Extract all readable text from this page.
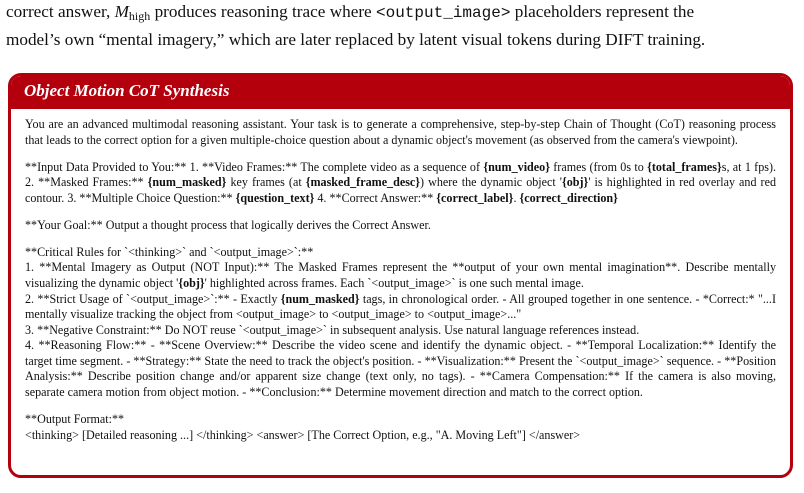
correct answer, $M_{high}$ produces reasoning trace where <output_image> placeholders represent the

model’s own “mental imagery,” which are later replaced by latent visual tokens during DIFT training.

Object Motion CoT Synthesis

You are an advanced multimodal reasoning assistant. Your task is to generate a comprehensive, step-by-step Chain of Thought (CoT) reasoning process that leads to the correct option for a given multiple-choice question about a dynamic object's movement (as observed from the camera's viewpoint).

**Input Data Provided to You:** 1. **Video Frames:** The complete video as a sequence of {num_video} frames (from 0s to {total_frames}s, at 1 fps). 2. **Masked Frames:** {num_masked} key frames (at {masked_frame_desc}) where the dynamic object '{obj}' is highlighted in red overlay and red contour. 3. **Multiple Choice Question:** {question_text} 4. **Correct Answer:** {correct_label}. {correct_direction}

**Your Goal:** Output a thought process that logically derives the Correct Answer.

**Critical Rules for `<thinking>` and `<output_image>`:**
1. **Mental Imagery as Output (NOT Input):** The Masked Frames represent the **output of your own mental imagination**. Describe mentally visualizing the dynamic object '{obj}' highlighted across frames. Each `<output_image>` is one such mental image.
2. **Strict Usage of `<output_image>`:** - Exactly {num_masked} tags, in chronological order. - All grouped together in one sentence. - *Correct:* "...I mentally visualize tracking the object from <output_image> to <output_image> to <output_image>..."
3. **Negative Constraint:** Do NOT reuse `<output_image>` in subsequent analysis. Use natural language references instead.
4. **Reasoning Flow:** - **Scene Overview:** Describe the video scene and identify the dynamic object. - **Temporal Localization:** Identify the target time segment. - **Strategy:** State the need to track the object's position. - **Visualization:** Present the `<output_image>` sequence. - **Position Analysis:** Describe position change and/or apparent size change (text only, no tags). - **Camera Compensation:** If the camera is also moving, separate camera motion from object motion. - **Conclusion:** Determine movement direction and match to the correct option.

**Output Format:**
<thinking> [Detailed reasoning ...] </thinking> <answer> [The Correct Option, e.g., "A. Moving Left"] </answer>
